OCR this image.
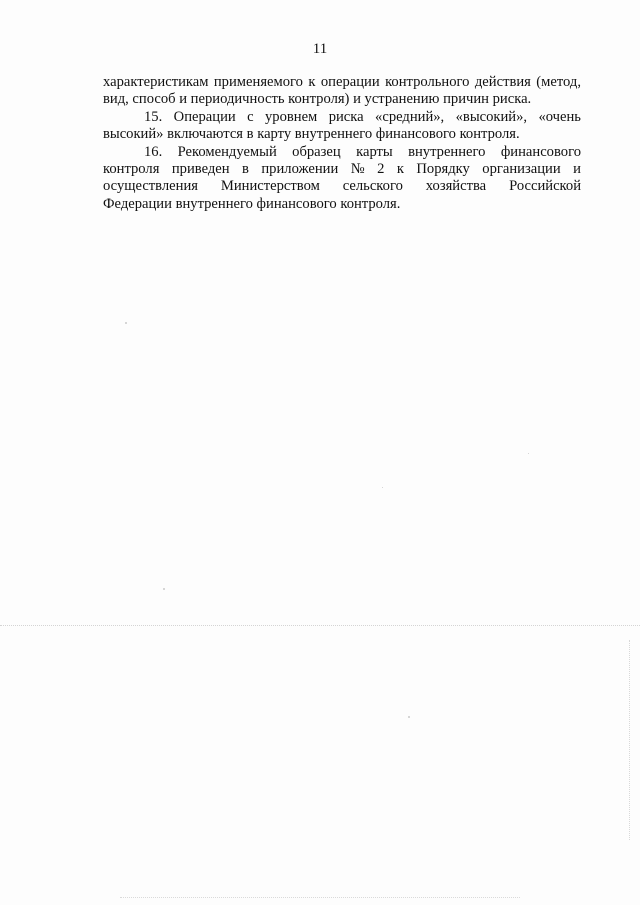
11
характеристикам применяемого к операции контрольного действия (метод,
вид, способ и периодичность контроля) и устранению причин риска.
15. Операции с уровнем риска «средний», «высокий», «очень
высокий» включаются в карту внутреннего финансового контроля.
16. Рекомендуемый образец карты внутреннего финансового
контроля приведен в приложении № 2 к Порядку организации и
осуществления Министерством сельского хозяйства Российской
Федерации внутреннего финансового контроля.
